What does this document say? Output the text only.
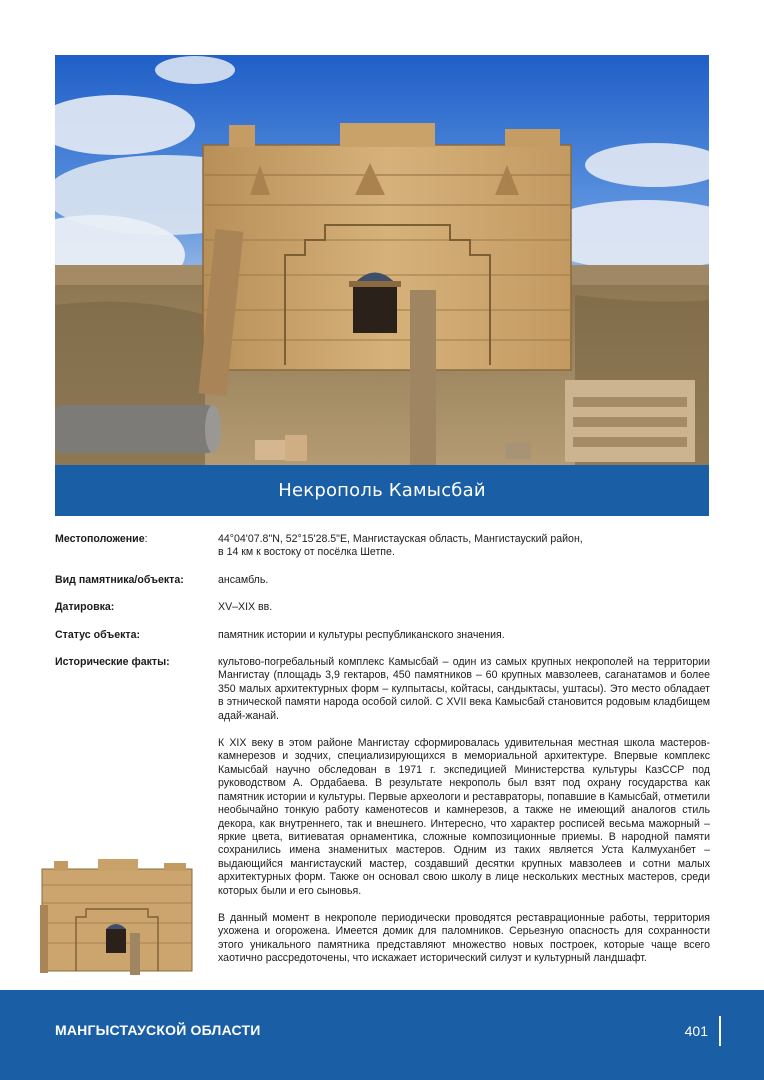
Некрополь Камысбай
Местоположение:	44°04'07.8"N, 52°15'28.5"E, Мангистауская область, Мангистауский район,
в 14 км к востоку от посёлка Шетпе.
Вид памятника/объекта:	ансамбль.
Датировка:	XV–XIX вв.
Статус объекта:	памятник истории и культуры республиканского значения.
Исторические факты:	культово-погребальный комплекс Камысбай – один из самых крупных некрополей на территории Мангистау (площадь 3,9 гектаров, 450 памятников – 60 крупных мавзолеев, сaганатамов и более 350 малых архитектурных форм – кулпытасы, койтасы, сандыктасы, уштасы). Это место обладает в этнической памяти народа особой силой. С XVII века Камысбай становится родовым кладбищем адай-жанай.

К XIX веку в этом районе Мангистау сформировалась удивительная местная школа мастеров-камнерезов и зодчих, специализирующихся в мемориальной архитектуре. Впервые комплекс Камысбай научно обследован в 1971 г. экспедицией Министерства культуры КазССР под руководством А. Ордабаева. В результате некрополь был взят под охрану государства как памятник истории и культуры. Первые археологи и реставраторы, попавшие в Камысбай, отметили необычайно тонкую работу каменотесов и камнерезов, а также не имеющий аналогов стиль декора, как внутреннего, так и внешнего. Интересно, что характер росписей весьма мажорный – яркие цвета, витиеватая орнаментика, сложные композиционные приемы. В народной памяти сохранились имена знаменитых мастеров. Одним из таких является Уста Калмуханбет – выдающийся мангистауский мастер, создавший десятки крупных мавзолеев и сотни малых архитектурных форм. Также он основал свою школу в лице нескольких местных мастеров, среди которых были и его сыновья.

В данный момент в некрополе периодически проводятся реставрационные работы, территория ухожена и огорожена. Имеется домик для паломников. Серьезную опасность для сохранности этого уникального памятника представляют множество новых построек, которые чаще всего хаотично рассредоточены, что искажает исторический силуэт и культурный ландшафт.

МАНГЫСТАУСКОЙ ОБЛАСТИ	401
